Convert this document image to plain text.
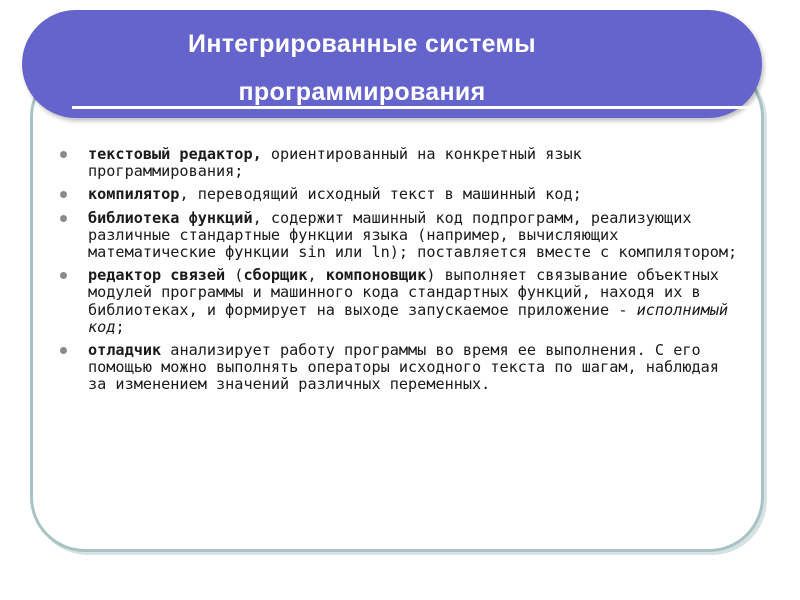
Интегрированные системы
программирования
текстовый редактор, ориентированный на конкретный язык программирования;
компилятор, переводящий исходный текст в машинный код;
библиотека функций, содержит машинный код подпрограмм, реализующих различные стандартные функции языка (например, вычисляющих математические функции sin или ln); поставляется вместе с компилятором;
редактор связей (сборщик, компоновщик) выполняет связывание объектных модулей программы и машинного кода стандартных функций, находя их в библиотеках, и формирует на выходе запускаемое приложение - исполнимый код;
отладчик анализирует работу программы во время ее выполнения. С его помощью можно выполнять операторы исходного текста по шагам, наблюдая за изменением значений различных переменных.
